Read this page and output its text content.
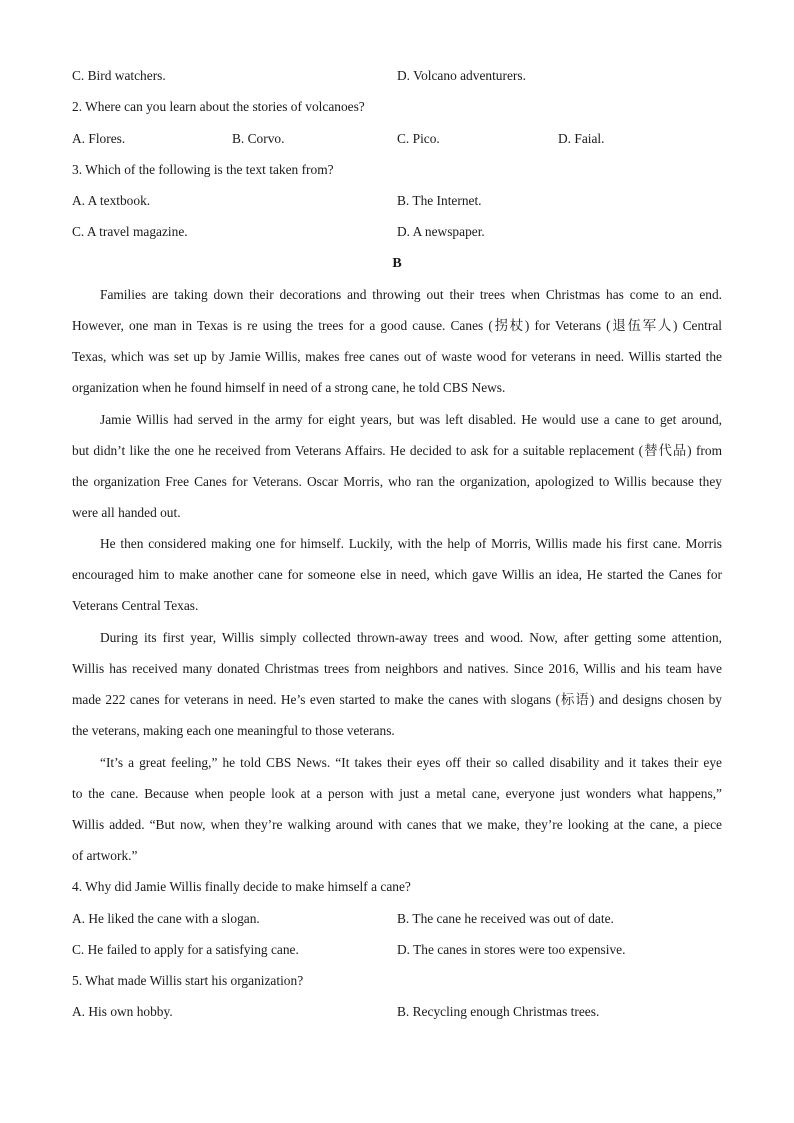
C. Bird watchers.	D. Volcano adventurers.
2. Where can you learn about the stories of volcanoes?
A. Flores.	B. Corvo.	C. Pico.	D. Faial.
3. Which of the following is the text taken from?
A. A textbook.	B. The Internet.
C. A travel magazine.	D. A newspaper.
B
Families are taking down their decorations and throwing out their trees when Christmas has come to an end.
However, one man in Texas is re using the trees for a good cause. Canes (拐杖) for Veterans (退伍军人) Central
Texas, which was set up by Jamie Willis, makes free canes out of waste wood for veterans in need. Willis started the
organization when he found himself in need of a strong cane, he told CBS News.
Jamie Willis had served in the army for eight years, but was left disabled. He would use a cane to get around,
but didn’t like the one he received from Veterans Affairs. He decided to ask for a suitable replacement (替代品) from
the organization Free Canes for Veterans. Oscar Morris, who ran the organization, apologized to Willis because they
were all handed out.
He then considered making one for himself. Luckily, with the help of Morris, Willis made his first cane. Morris
encouraged him to make another cane for someone else in need, which gave Willis an idea, He started the Canes for
Veterans Central Texas.
During its first year, Willis simply collected thrown-away trees and wood. Now, after getting some attention,
Willis has received many donated Christmas trees from neighbors and natives. Since 2016, Willis and his team have
made 222 canes for veterans in need. He’s even started to make the canes with slogans (标语) and designs chosen by
the veterans, making each one meaningful to those veterans.
“It’s a great feeling,” he told CBS News. “It takes their eyes off their so called disability and it takes their eye
to the cane. Because when people look at a person with just a metal cane, everyone just wonders what happens,”
Willis added. “But now, when they’re walking around with canes that we make, they’re looking at the cane, a piece
of artwork.”
4. Why did Jamie Willis finally decide to make himself a cane?
A. He liked the cane with a slogan.	B. The cane he received was out of date.
C. He failed to apply for a satisfying cane.	D. The canes in stores were too expensive.
5. What made Willis start his organization?
A. His own hobby.	B. Recycling enough Christmas trees.
